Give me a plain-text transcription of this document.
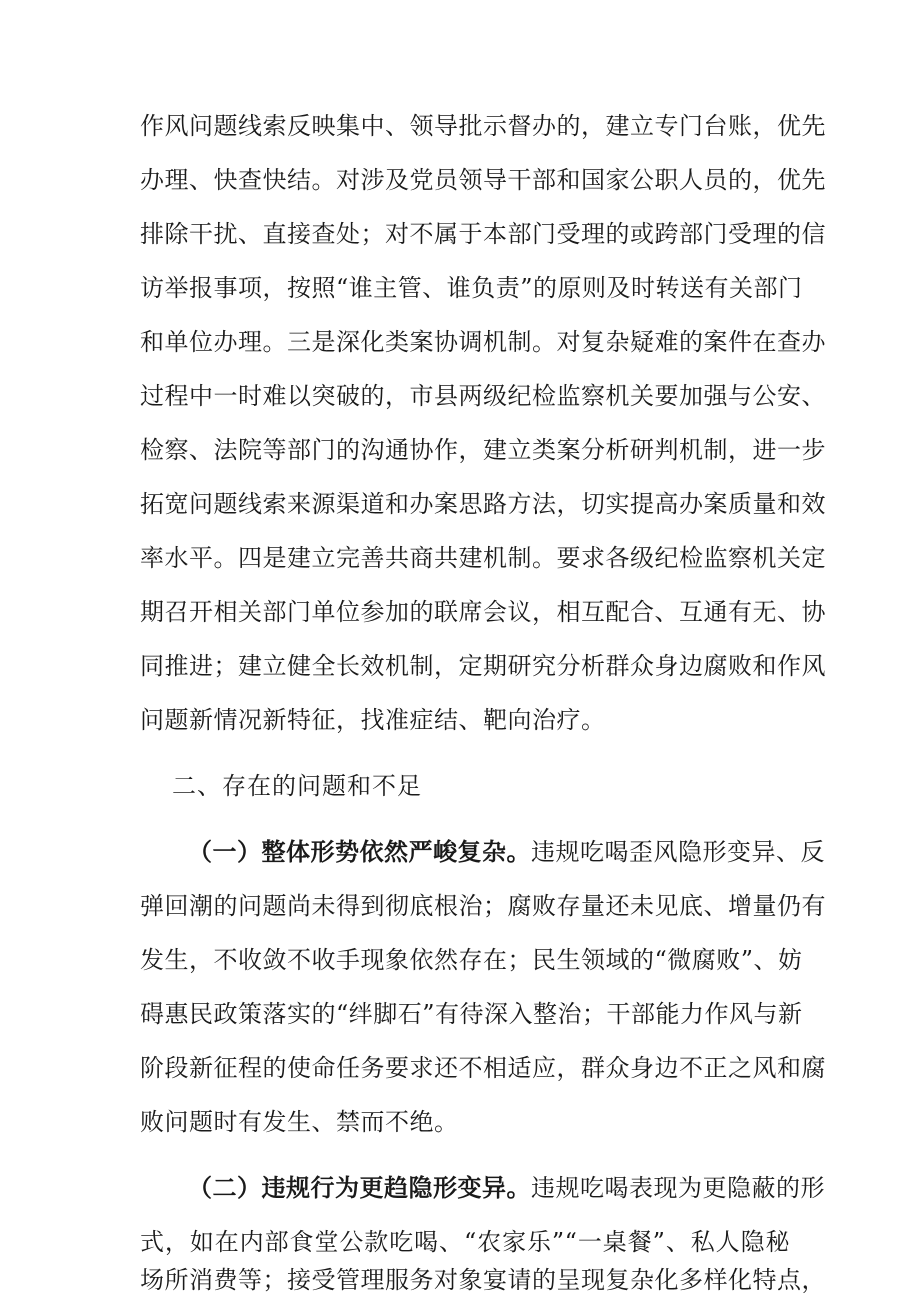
作风问题线索反映集中、领导批示督办的，建立专门台账，优先
办理、快查快结。对涉及党员领导干部和国家公职人员的，优先
排除干扰、直接查处；对不属于本部门受理的或跨部门受理的信
访举报事项，按照“谁主管、谁负责”的原则及时转送有关部门
和单位办理。三是深化类案协调机制。对复杂疑难的案件在查办
过程中一时难以突破的，市县两级纪检监察机关要加强与公安、
检察、法院等部门的沟通协作，建立类案分析研判机制，进一步
拓宽问题线索来源渠道和办案思路方法，切实提高办案质量和效
率水平。四是建立完善共商共建机制。要求各级纪检监察机关定
期召开相关部门单位参加的联席会议，相互配合、互通有无、协
同推进；建立健全长效机制，定期研究分析群众身边腐败和作风
问题新情况新特征，找准症结、靶向治疗。
二、存在的问题和不足
（一）整体形势依然严峻复杂。违规吃喝歪风隐形变异、反
弹回潮的问题尚未得到彻底根治；腐败存量还未见底、增量仍有
发生，不收敛不收手现象依然存在；民生领域的“微腐败”、妨
碍惠民政策落实的“绊脚石”有待深入整治；干部能力作风与新
阶段新征程的使命任务要求还不相适应，群众身边不正之风和腐
败问题时有发生、禁而不绝。
（二）违规行为更趋隐形变异。违规吃喝表现为更隐蔽的形
式，如在内部食堂公款吃喝、“农家乐”“一桌餐”、私人隐秘
场所消费等；接受管理服务对象宴请的呈现复杂化多样化特点，
